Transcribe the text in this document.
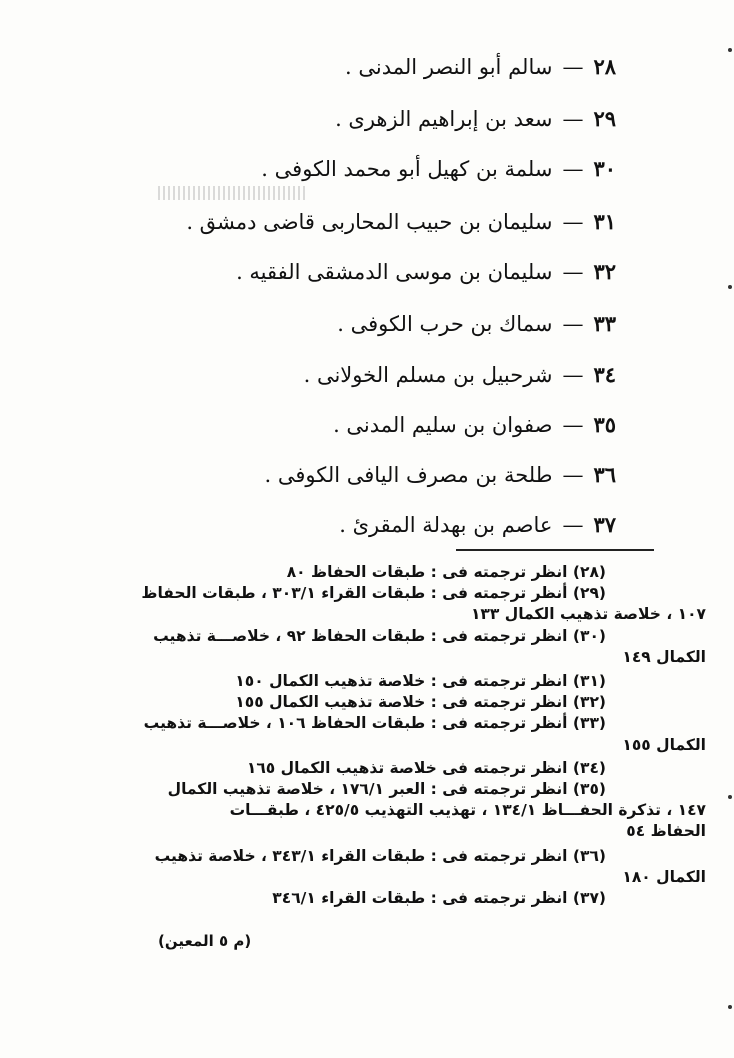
٢٨—سالم أبو النصر المدنى .
٢٩—سعد بن إبراهيم الزهرى .
٣٠—سلمة بن كهيل أبو محمد الكوفى .
٣١—سليمان بن حبيب المحاربى قاضى دمشق .
٣٢—سليمان بن موسى الدمشقى الفقيه .
٣٣—سماك بن حرب الكوفى .
٣٤—شرحبيل بن مسلم الخولانى .
٣٥—صفوان بن سليم المدنى .
٣٦—طلحة بن مصرف اليافى الكوفى .
٣٧—عاصم بن بهدلة المقرئ .
(٢٨) انظر ترجمته فى : طبقات الحفاظ ٨٠
(٢٩) أنظر ترجمته فى : طبقات القراء ٣٠٣/١ ، طبقات الحفاظ
١٠٧ ، خلاصة تذهيب الكمال ١٣٣
(٣٠) انظر ترجمته فى : طبقات الحفاظ ٩٢ ، خلاصـــة تذهيب
الكمال ١٤٩
(٣١) انظر ترجمته فى : خلاصة تذهيب الكمال ١٥٠
(٣٢) انظر ترجمته فى : خلاصة تذهيب الكمال ١٥٥
(٣٣) أنظر ترجمته فى : طبقات الحفاظ ١٠٦ ، خلاصـــة تذهيب
الكمال ١٥٥
(٣٤) انظر ترجمته فى خلاصة تذهيب الكمال ١٦٥
(٣٥) انظر ترجمته فى : العبر ١٧٦/١ ، خلاصة تذهيب الكمال
١٤٧ ، تذكرة الحفـــاظ ١٣٤/١ ، تهذيب التهذيب ٤٢٥/٥ ، طبقـــات
الحفاظ ٥٤
(٣٦) انظر ترجمته فى : طبقات القراء ٣٤٣/١ ، خلاصة تذهيب
الكمال ١٨٠
(٣٧) انظر ترجمته فى : طبقات القراء ٣٤٦/١
(م ٥ المعين)
